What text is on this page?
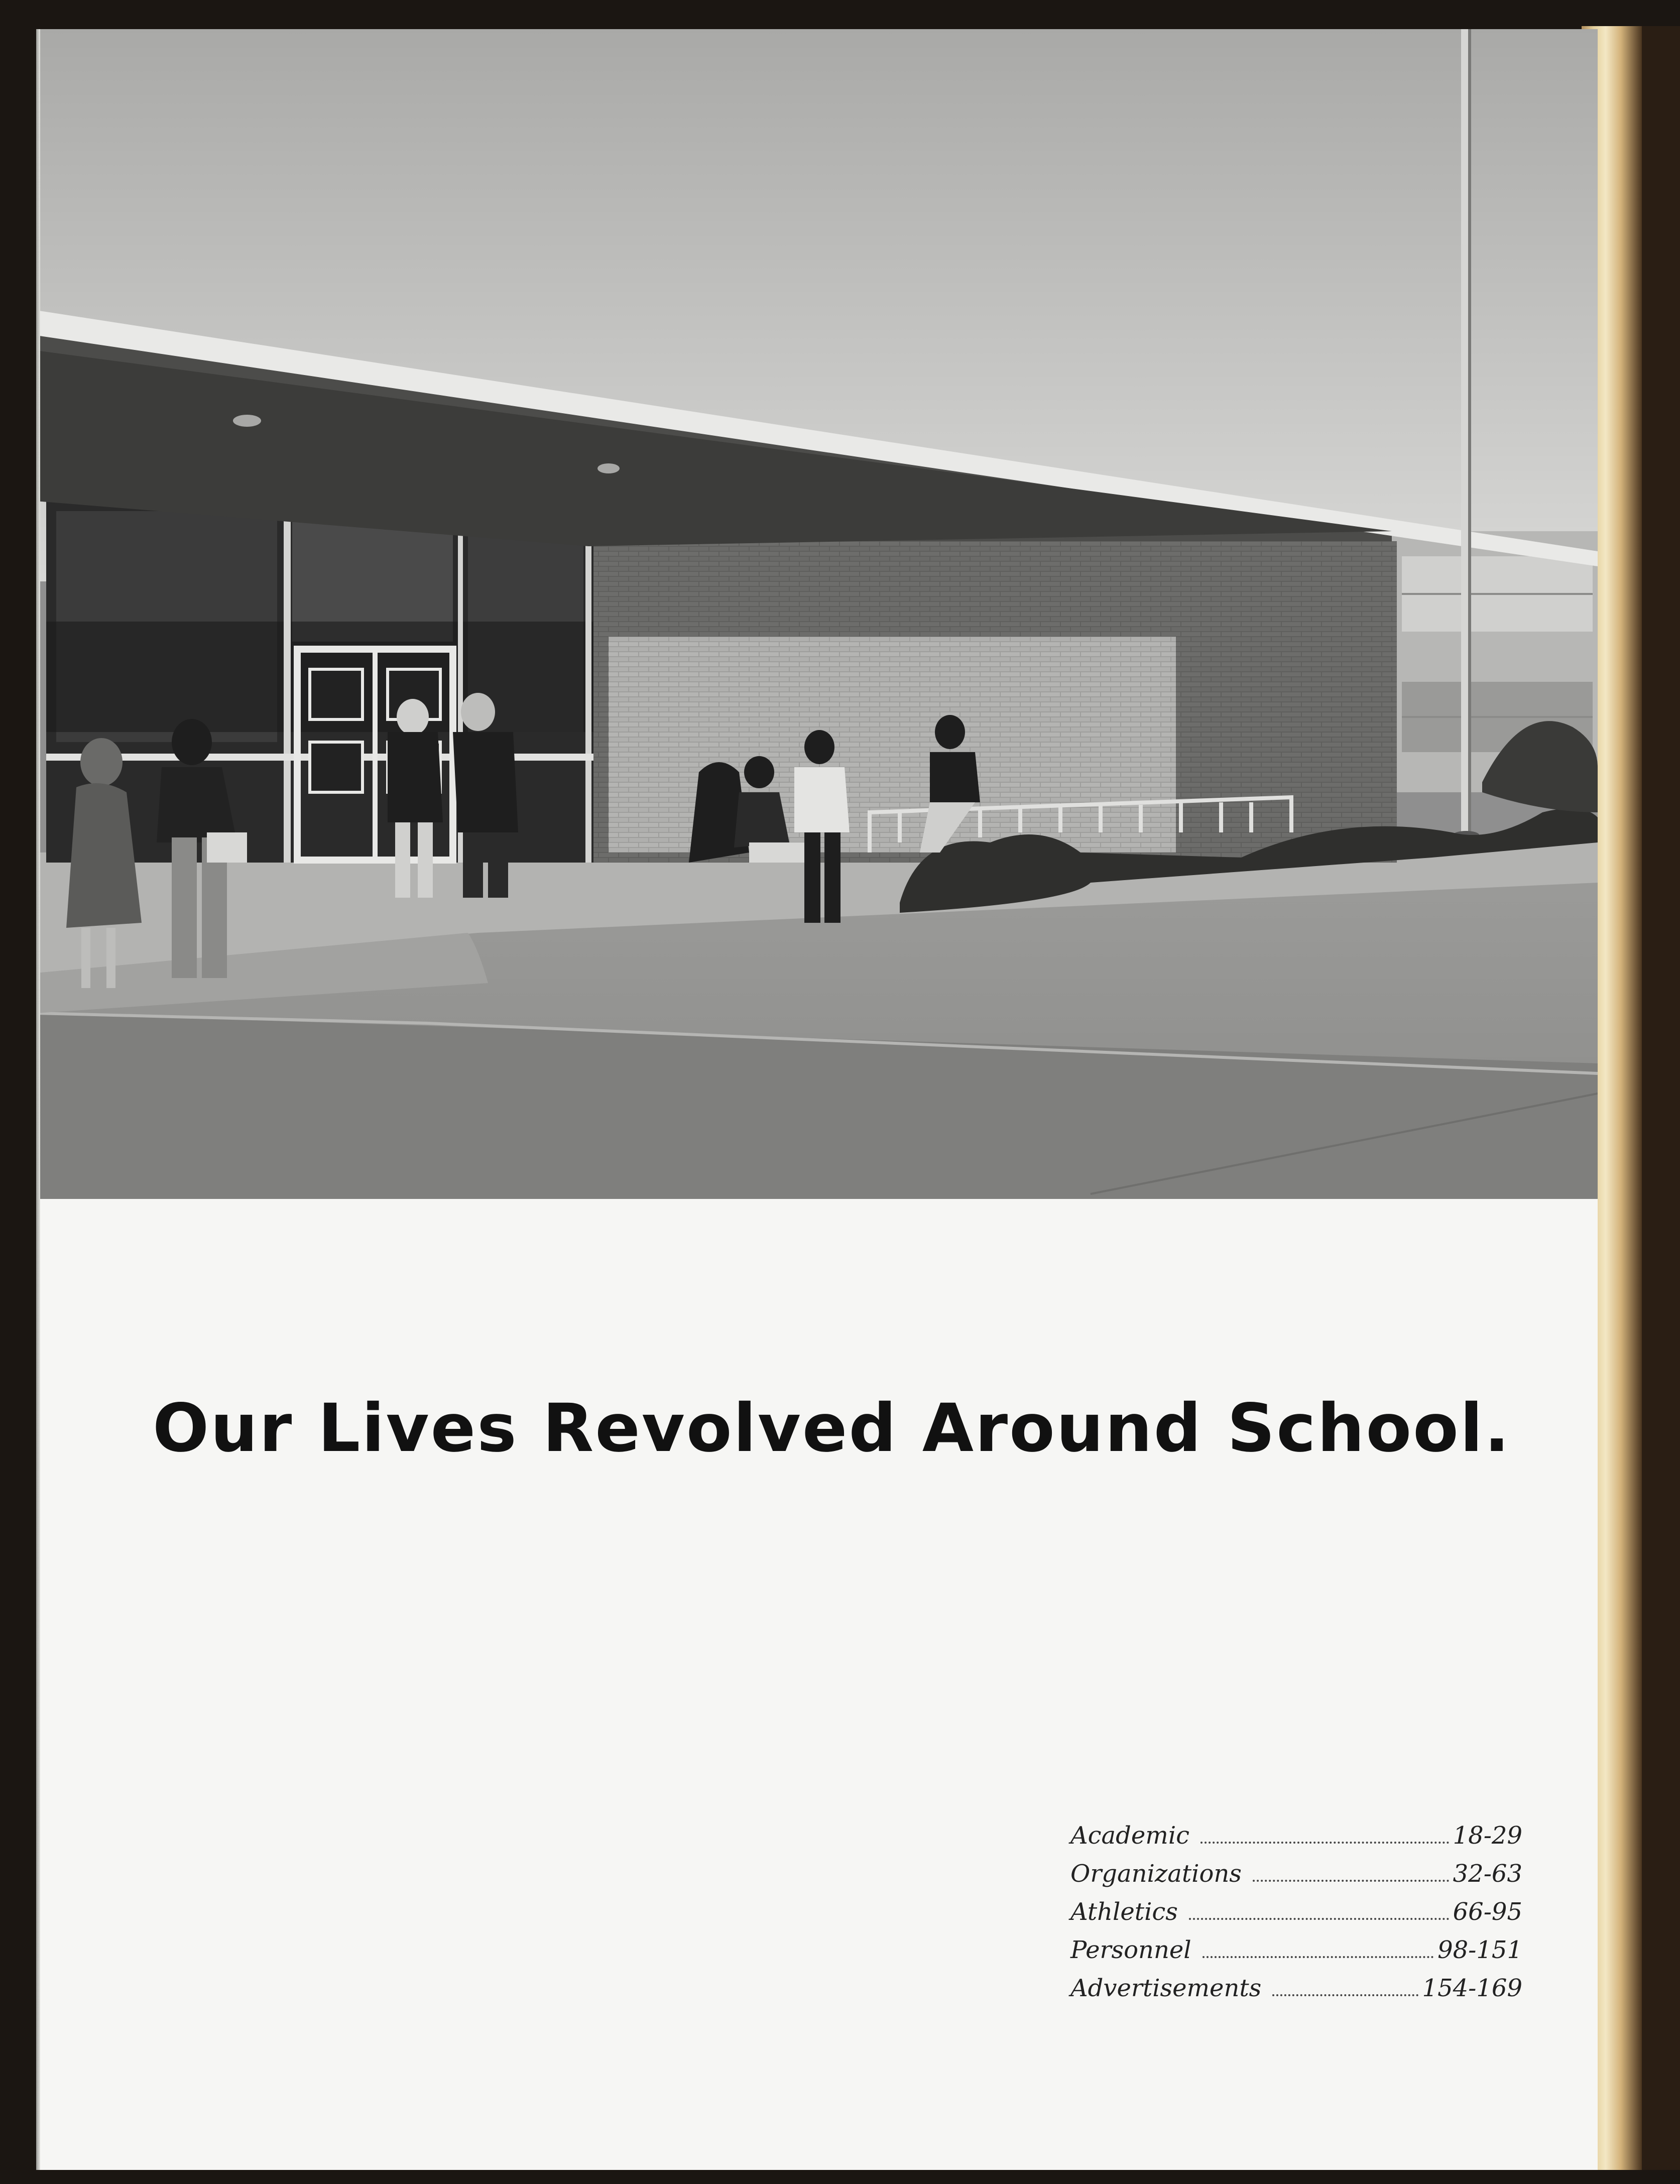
Our Lives Revolved Around School.
Academic	18-29
Organizations	32-63
Athletics	66-95
Personnel	98-151
Advertisements	154-169
